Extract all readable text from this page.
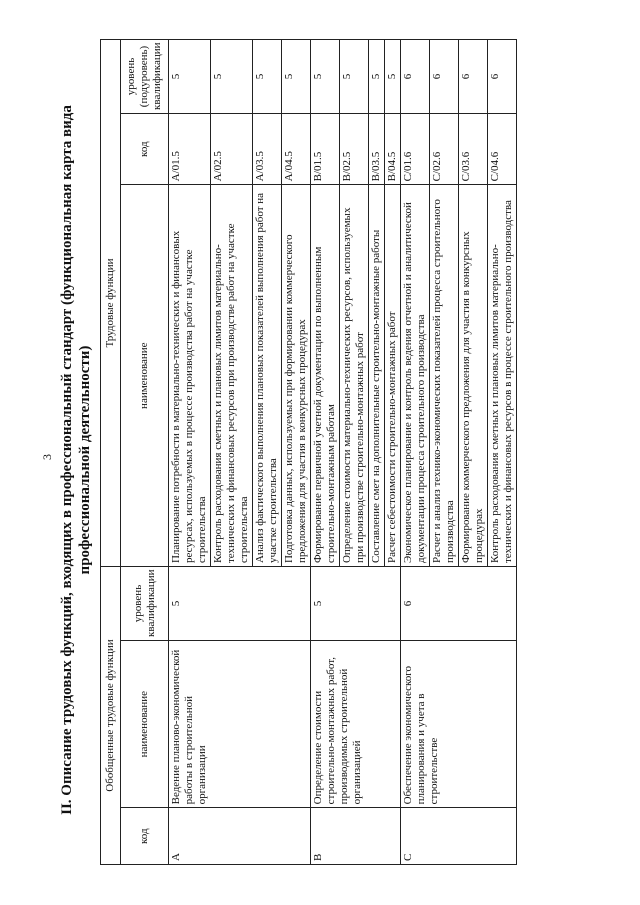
3 II. Описание трудовых функций, входящих в профессиональный стандарт (функциональная карта вида профессиональной деятельности)
Обобщенные трудовые функции			Трудовые функции		
код	наименование	уровень квалификации	наименование	код	уровень (подуровень) квалификации
A	Ведение планово-экономической работы в строительной организации	5	Планирование потребности в материально-технических и финансовых ресурсах, используемых в процессе производства работ на участке строительства	A/01.5	5
			Контроль расходования сметных и плановых лимитов материально-технических и финансовых ресурсов при производстве работ на участке строительства	A/02.5	5
			Анализ фактического выполнения плановых показателей выполнения работ на участке строительства	A/03.5	5
			Подготовка данных, используемых при формировании коммерческого предложения для участия в конкурсных процедурах	A/04.5	5
B	Определение стоимости строительно-монтажных работ, производимых строительной организацией	5	Формирование первичной учетной документации по выполненным строительно-монтажным работам	B/01.5	5
			Определение стоимости материально-технических ресурсов, используемых при производстве строительно-монтажных работ	B/02.5	5
			Составление смет на дополнительные строительно-монтажные работы	B/03.5	5
			Расчет себестоимости строительно-монтажных работ	B/04.5	5
C	Обеспечение экономического планирования и учета в строительстве	6	Экономическое планирование и контроль ведения отчетной и аналитической документации процесса строительного производства	C/01.6	6
			Расчет и анализ технико-экономических показателей процесса строительного производства	C/02.6	6
			Формирование коммерческого предложения для участия в конкурсных процедурах	C/03.6	6
			Контроль расходования сметных и плановых лимитов материально-технических и финансовых ресурсов в процессе строительного производства	C/04.6	6
